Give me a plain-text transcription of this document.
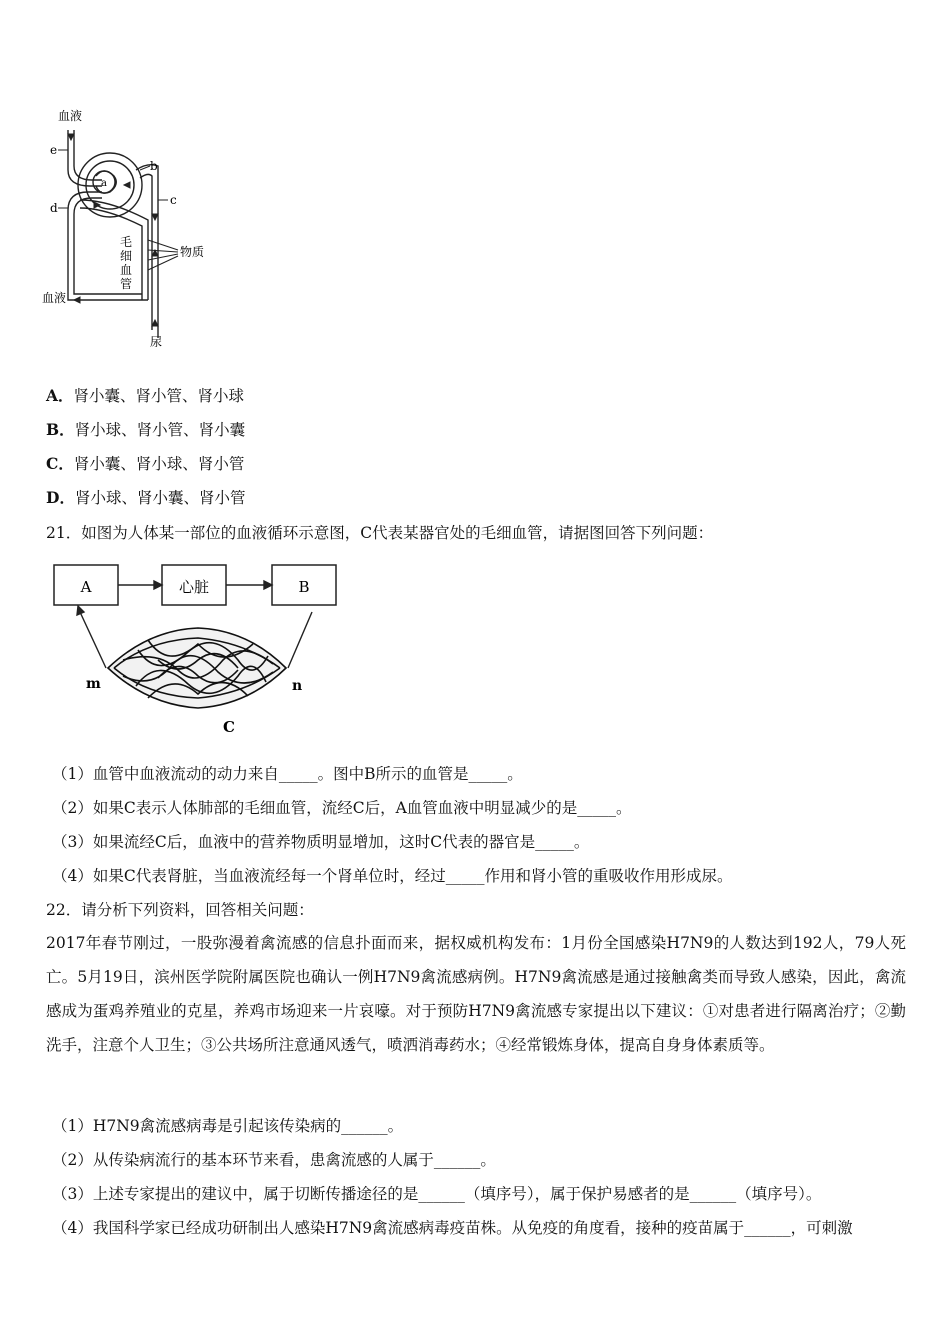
血液
e
b
a
c
d
毛
细
血
管
物质
血液
尿
A．肾小囊、肾小管、肾小球
B．肾小球、肾小管、肾小囊
C．肾小囊、肾小球、肾小管
D．肾小球、肾小囊、肾小管
21．如图为人体某一部位的血液循环示意图，C代表某器官处的毛细血管，请据图回答下列问题：
A	心脏	B
m	n
C
（1）血管中血液流动的动力来自_____。图中B所示的血管是_____。
（2）如果C表示人体肺部的毛细血管，流经C后，A血管血液中明显减少的是_____。
（3）如果流经C后，血液中的营养物质明显增加，这时C代表的器官是_____。
（4）如果C代表肾脏，当血液流经每一个肾单位时，经过_____作用和肾小管的重吸收作用形成尿。
22．请分析下列资料，回答相关问题：
2017年春节刚过，一股弥漫着禽流感的信息扑面而来，据权威机构发布：1月份全国感染H7N9的人数达到192人，79人死亡。5月19日，滨州医学院附属医院也确认一例H7N9禽流感病例。H7N9禽流感是通过接触禽类而导致人感染，因此，禽流感成为蛋鸡养殖业的克星，养鸡市场迎来一片哀嚎。对于预防H7N9禽流感专家提出以下建议：①对患者进行隔离治疗；②勤洗手，注意个人卫生；③公共场所注意通风透气，喷洒消毒药水；④经常锻炼身体，提高自身身体素质等。
（1）H7N9禽流感病毒是引起该传染病的______。
（2）从传染病流行的基本环节来看，患禽流感的人属于______。
（3）上述专家提出的建议中，属于切断传播途径的是______（填序号），属于保护易感者的是______（填序号）。
（4）我国科学家已经成功研制出人感染H7N9禽流感病毒疫苗株。从免疫的角度看，接种的疫苗属于______，可刺激
